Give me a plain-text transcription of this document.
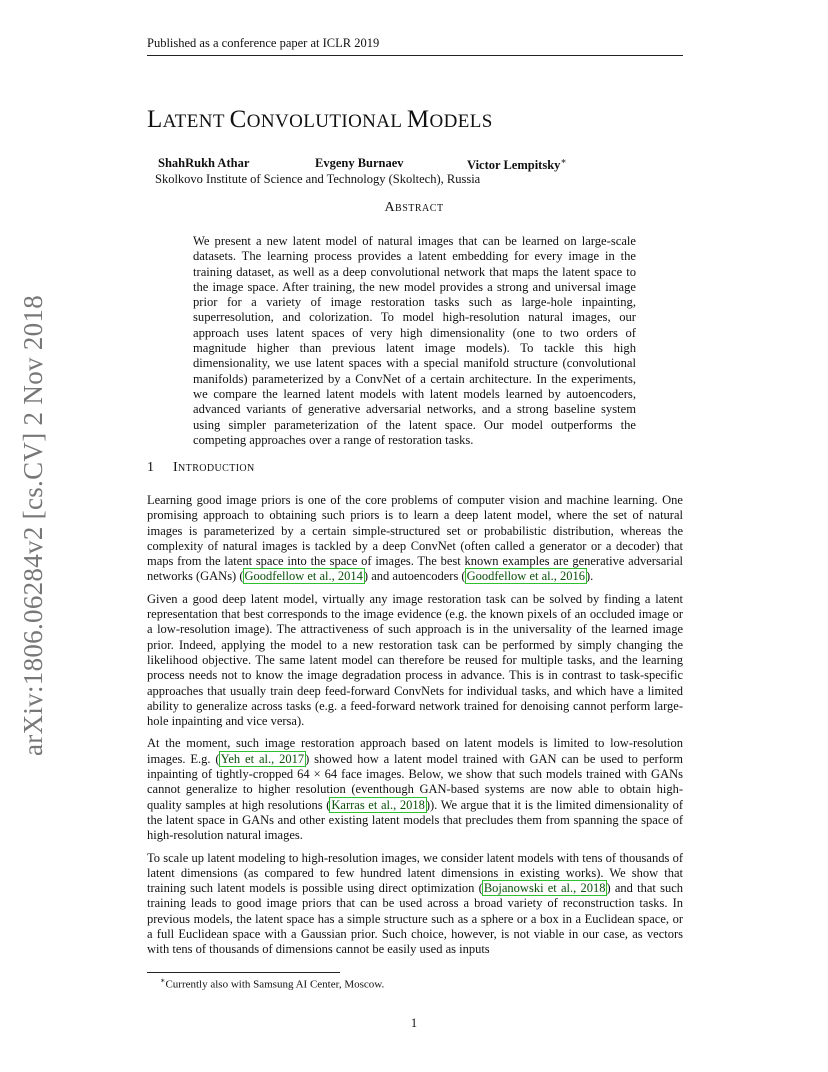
Published as a conference paper at ICLR 2019
arXiv:1806.06284v2 [cs.CV] 2 Nov 2018
LATENT CONVOLUTIONAL MODELS
ShahRukh Athar	Evgeny Burnaev	Victor Lempitsky∗
Skolkovo Institute of Science and Technology (Skoltech), Russia
Abstract
We present a new latent model of natural images that can be learned on large-scale datasets. The learning process provides a latent embedding for every image in the training dataset, as well as a deep convolutional network that maps the latent space to the image space. After training, the new model provides a strong and universal image prior for a variety of image restoration tasks such as large-hole inpainting, superresolution, and colorization. To model high-resolution natural images, our approach uses latent spaces of very high dimensionality (one to two orders of magnitude higher than previous latent image models). To tackle this high dimensionality, we use latent spaces with a special manifold structure (convolutional manifolds) parameterized by a ConvNet of a certain architecture. In the experiments, we compare the learned latent models with latent models learned by autoencoders, advanced variants of generative adversarial networks, and a strong baseline system using simpler parameterization of the latent space. Our model outperforms the competing approaches over a range of restoration tasks.
1 Introduction

Learning good image priors is one of the core problems of computer vision and machine learning. One promising approach to obtaining such priors is to learn a deep latent model, where the set of natural images is parameterized by a certain simple-structured set or probabilistic distribution, whereas the complexity of natural images is tackled by a deep ConvNet (often called a generator or a decoder) that maps from the latent space into the space of images. The best known examples are generative adversarial networks (GANs) (Goodfellow et al., 2014) and autoencoders (Goodfellow et al., 2016).

Given a good deep latent model, virtually any image restoration task can be solved by finding a latent representation that best corresponds to the image evidence (e.g. the known pixels of an occluded image or a low-resolution image). The attractiveness of such approach is in the universality of the learned image prior. Indeed, applying the model to a new restoration task can be performed by simply changing the likelihood objective. The same latent model can therefore be reused for multiple tasks, and the learning process needs not to know the image degradation process in advance. This is in contrast to task-specific approaches that usually train deep feed-forward ConvNets for individual tasks, and which have a limited ability to generalize across tasks (e.g. a feed-forward network trained for denoising cannot perform large-hole inpainting and vice versa).

At the moment, such image restoration approach based on latent models is limited to low-resolution images. E.g. (Yeh et al., 2017) showed how a latent model trained with GAN can be used to perform inpainting of tightly-cropped 64 × 64 face images. Below, we show that such models trained with GANs cannot generalize to higher resolution (eventhough GAN-based systems are now able to obtain high-quality samples at high resolutions (Karras et al., 2018)). We argue that it is the limited dimensionality of the latent space in GANs and other existing latent models that precludes them from spanning the space of high-resolution natural images.

To scale up latent modeling to high-resolution images, we consider latent models with tens of thousands of latent dimensions (as compared to few hundred latent dimensions in existing works). We show that training such latent models is possible using direct optimization (Bojanowski et al., 2018) and that such training leads to good image priors that can be used across a broad variety of reconstruction tasks. In previous models, the latent space has a simple structure such as a sphere or a box in a Euclidean space, or a full Euclidean space with a Gaussian prior. Such choice, however, is not viable in our case, as vectors with tens of thousands of dimensions cannot be easily used as inputs

∗Currently also with Samsung AI Center, Moscow.
1
